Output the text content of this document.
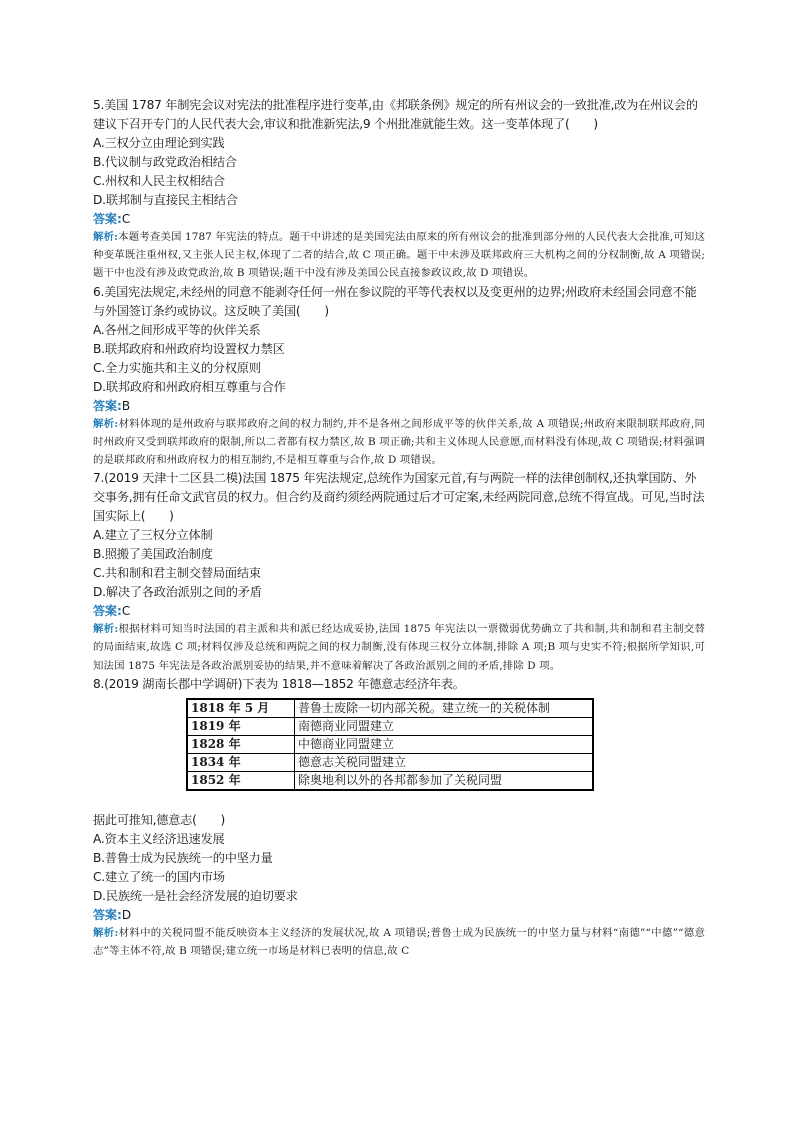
5.美国 1787 年制宪会议对宪法的批准程序进行变革,由《邦联条例》规定的所有州议会的一致批准,改为在州议会的建议下召开专门的人民代表大会,审议和批准新宪法,9 个州批准就能生效。这一变革体现了(　　)

A.三权分立由理论到实践

B.代议制与政党政治相结合

C.州权和人民主权相结合

D.联邦制与直接民主相结合

答案:C

解析:本题考查美国 1787 年宪法的特点。题干中讲述的是美国宪法由原来的所有州议会的批准到部分州的人民代表大会批准,可知这种变革既注重州权,又主张人民主权,体现了二者的结合,故 C 项正确。题干中未涉及联邦政府三大机构之间的分权制衡,故 A 项错误;题干中也没有涉及政党政治,故 B 项错误;题干中没有涉及美国公民直接参政议政,故 D 项错误。

6.美国宪法规定,未经州的同意不能剥夺任何一州在参议院的平等代表权以及变更州的边界;州政府未经国会同意不能与外国签订条约或协议。这反映了美国(　　)

A.各州之间形成平等的伙伴关系

B.联邦政府和州政府均设置权力禁区

C.全力实施共和主义的分权原则

D.联邦政府和州政府相互尊重与合作

答案:B

解析:材料体现的是州政府与联邦政府之间的权力制约,并不是各州之间形成平等的伙伴关系,故 A 项错误;州政府来限制联邦政府,同时州政府又受到联邦政府的限制,所以二者都有权力禁区,故 B 项正确;共和主义体现人民意愿,而材料没有体现,故 C 项错误;材料强调的是联邦政府和州政府权力的相互制约,不是相互尊重与合作,故 D 项错误。

7.(2019 天津十二区县二模)法国 1875 年宪法规定,总统作为国家元首,有与两院一样的法律创制权,还执掌国防、外交事务,拥有任命文武官员的权力。但合约及商约须经两院通过后才可定案,未经两院同意,总统不得宣战。可见,当时法国实际上(　　)

A.建立了三权分立体制

B.照搬了美国政治制度

C.共和制和君主制交替局面结束

D.解决了各政治派别之间的矛盾

答案:C

解析:根据材料可知当时法国的君主派和共和派已经达成妥协,法国 1875 年宪法以一票微弱优势确立了共和制,共和制和君主制交替的局面结束,故选 C 项;材料仅涉及总统和两院之间的权力制衡,没有体现三权分立体制,排除 A 项;B 项与史实不符;根据所学知识,可知法国 1875 年宪法是各政治派别妥协的结果,并不意味着解决了各政治派别之间的矛盾,排除 D 项。

8.(2019 湖南长郡中学调研)下表为 1818—1852 年德意志经济年表。

1818 年 5 月	普鲁士废除一切内部关税。建立统一的关税体制
1819 年	南德商业同盟建立
1828 年	中德商业同盟建立
1834 年	德意志关税同盟建立
1852 年	除奥地利以外的各邦都参加了关税同盟

据此可推知,德意志(　　)

A.资本主义经济迅速发展

B.普鲁士成为民族统一的中坚力量

C.建立了统一的国内市场

D.民族统一是社会经济发展的迫切要求

答案:D

解析:材料中的关税同盟不能反映资本主义经济的发展状况,故 A 项错误;普鲁士成为民族统一的中坚力量与材料“南德”“中德”“德意志”等主体不符,故 B 项错误;建立统一市场是材料已表明的信息,故 C
